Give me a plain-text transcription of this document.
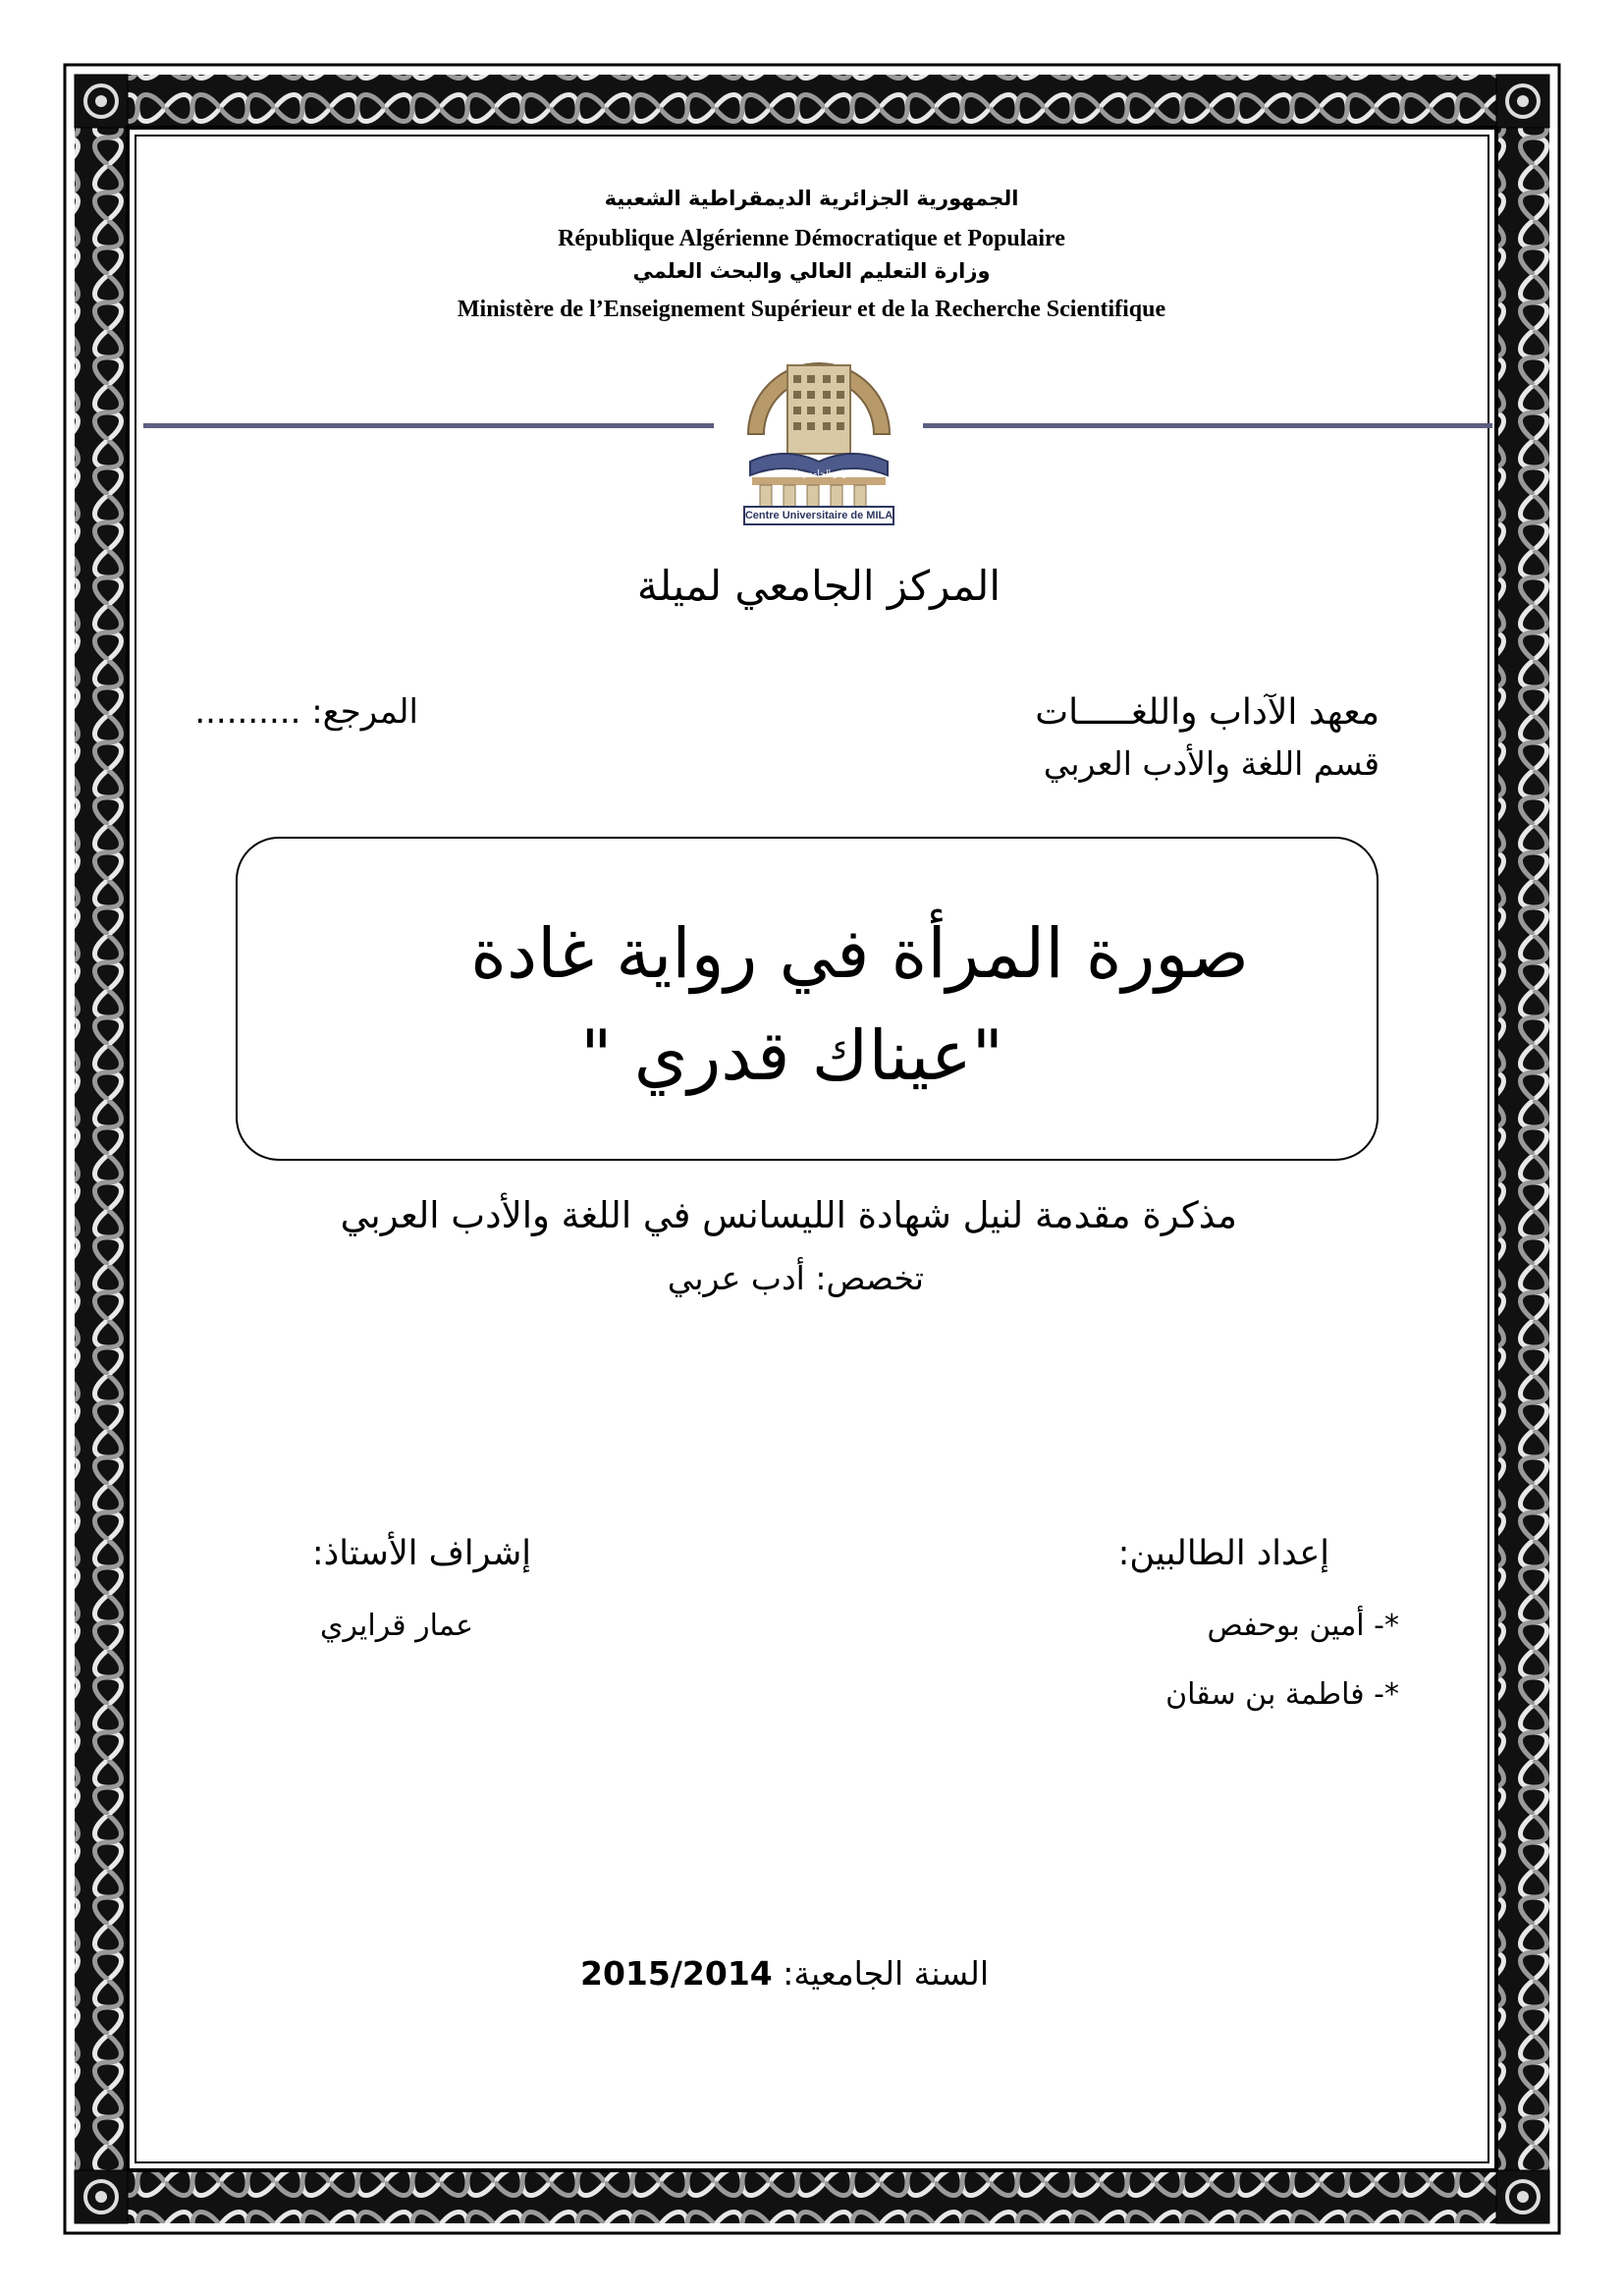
الجمهورية الجزائرية الديمقراطية الشعبية
République Algérienne Démocratique et Populaire
وزارة التعليم العالي والبحث العلمي
Ministère de l’Enseignement Supérieur et de la Recherche Scientifique
المركز الجامعي لميلة
Centre Universitaire de MILA
المركز الجامعي لميلة
معهد الآداب واللغـــــات
قسم اللغة والأدب العربي
المرجع: ..........
صورة المرأة في رواية غادة
"عيناك قدري "
مذكرة مقدمة لنيل شهادة الليسانس في اللغة والأدب العربي
تخصص: أدب عربي
إعداد الطالبين:
*- أمين بوحفص
*- فاطمة بن سقان
إشراف الأستاذ:
عمار قرايري
السنة الجامعية: 2015/2014
